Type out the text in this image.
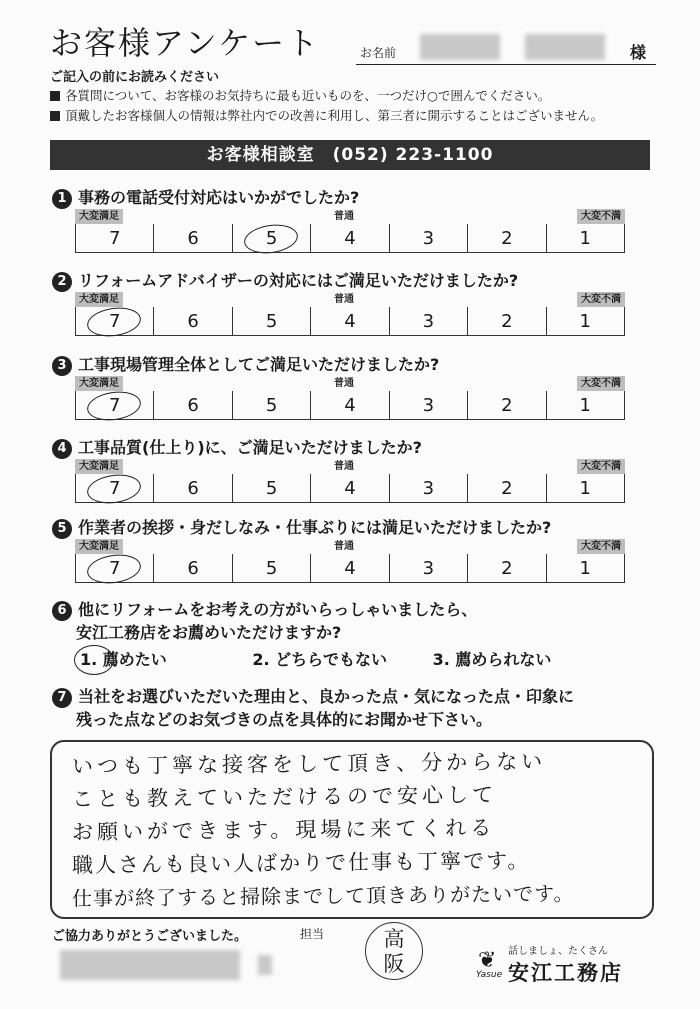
お客様アンケート	お名前	様
ご記入の前にお読みください
各質問について、お客様のお気持ちに最も近いものを、一つだけ○で囲んでください。
頂戴したお客様個人の情報は弊社内での改善に利用し、第三者に開示することはございません。
お客様相談室　(052) 223-1100
1 事務の電話受付対応はいかがでしたか?
大変満足	普通	大変不満
7	6	5	4	3	2	1
2 リフォームアドバイザーの対応にはご満足いただけましたか?
大変満足	普通	大変不満
7	6	5	4	3	2	1
3 工事現場管理全体としてご満足いただけましたか?
大変満足	普通	大変不満
7	6	5	4	3	2	1
4 工事品質(仕上り)に、ご満足いただけましたか?
大変満足	普通	大変不満
7	6	5	4	3	2	1
5 作業者の挨拶・身だしなみ・仕事ぶりには満足いただけましたか?
大変満足	普通	大変不満
7	6	5	4	3	2	1
6 他にリフォームをお考えの方がいらっしゃいましたら、
安江工務店をお薦めいただけますか?
1. 薦めたい	2. どちらでもない	3. 薦められない
7 当社をお選びいただいた理由と、良かった点・気になった点・印象に
残った点などのお気づきの点を具体的にお聞かせ下さい。
いつも丁寧な接客をして頂き、分からない
ことも教えていただけるので安心して
お願いができます。現場に来てくれる
職人さんも良い人ばかりで仕事も丁寧です。
仕事が終了すると掃除までして頂きありがたいです。
ご協力ありがとうございました。	担当	高
阪	❦
Yasue
話しましょ、たくさん
安江工務店
